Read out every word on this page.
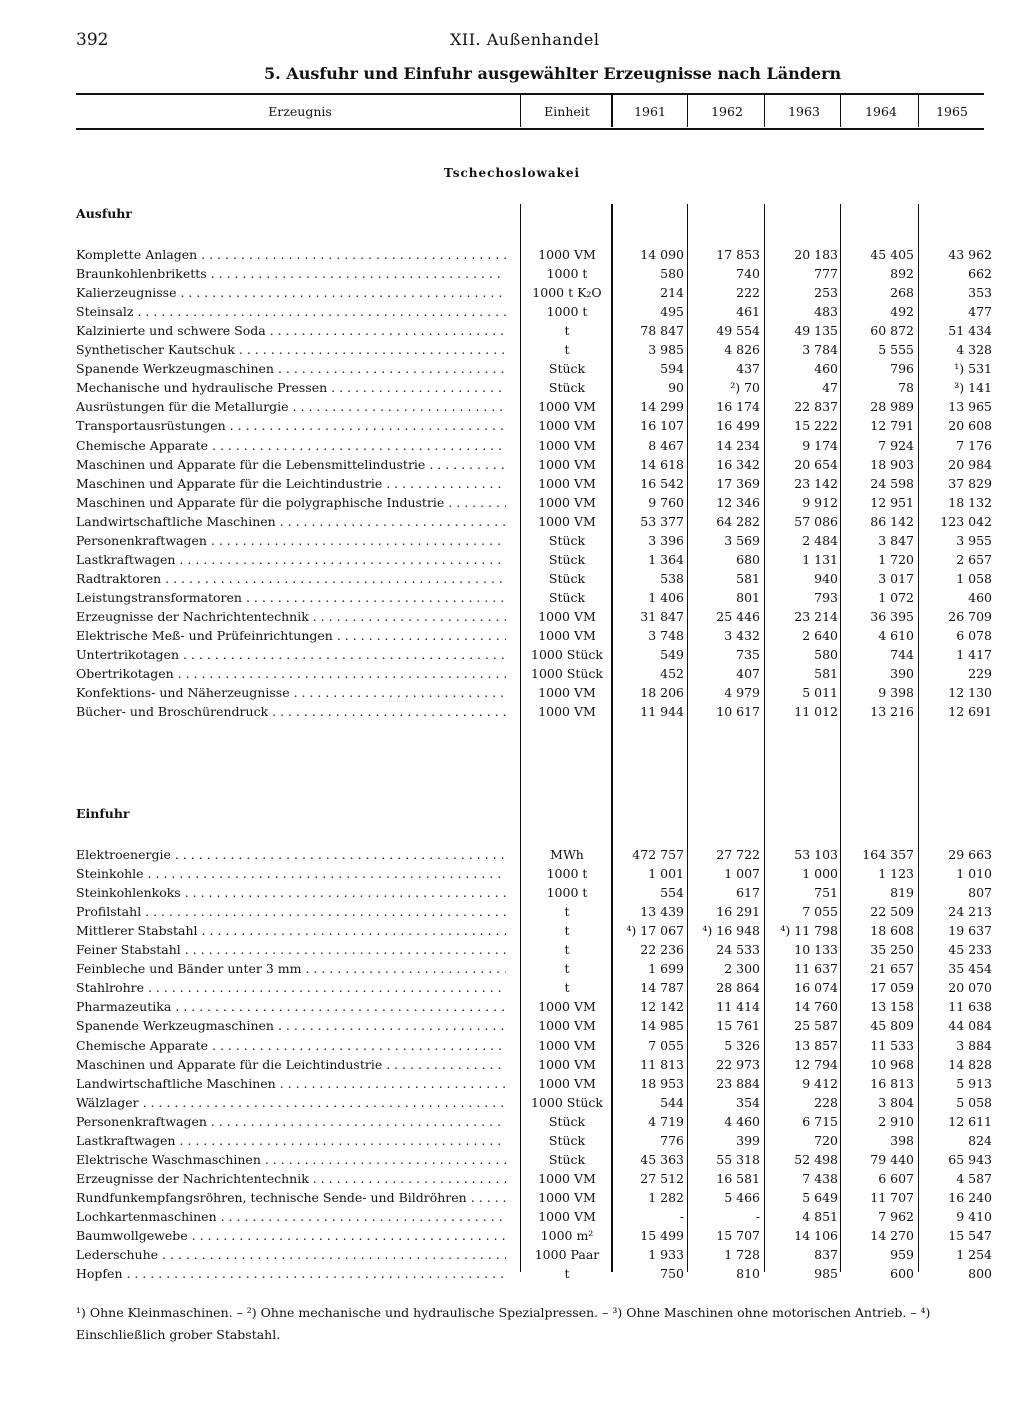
392	XII. Außenhandel
5. Ausfuhr und Einfuhr ausgewählter Erzeugnisse nach Ländern
Erzeugnis	Einheit	1961	1962	1963	1964	1965
Tschechoslowakei
Ausfuhr
Komplette Anlagen . . .	1000 VM	14 090	17 853	20 183	45 405	43 962
Braunkohlenbriketts . . .	1000 t	580	740	777	892	662
Kalierzeugnisse . . .	1000 t K₂O	214	222	253	268	353
Steinsalz . . .	1000 t	495	461	483	492	477
Kalzinierte und schwere Soda . . .	t	78 847	49 554	49 135	60 872	51 434
Synthetischer Kautschuk . . .	t	3 985	4 826	3 784	5 555	4 328
Spanende Werkzeugmaschinen . . .	Stück	594	437	460	796	¹) 531
Mechanische und hydraulische Pressen . . .	Stück	90	²) 70	47	78	³) 141
Ausrüstungen für die Metallurgie . . .	1000 VM	14 299	16 174	22 837	28 989	13 965
Transportausrüstungen . . .	1000 VM	16 107	16 499	15 222	12 791	20 608
Chemische Apparate . . .	1000 VM	8 467	14 234	9 174	7 924	7 176
Maschinen und Apparate für die Lebensmittelindustrie . . .	1000 VM	14 618	16 342	20 654	18 903	20 984
Maschinen und Apparate für die Leichtindustrie . . .	1000 VM	16 542	17 369	23 142	24 598	37 829
Maschinen und Apparate für die polygraphische Industrie . . .	1000 VM	9 760	12 346	9 912	12 951	18 132
Landwirtschaftliche Maschinen . . .	1000 VM	53 377	64 282	57 086	86 142	123 042
Personenkraftwagen . . .	Stück	3 396	3 569	2 484	3 847	3 955
Lastkraftwagen . . .	Stück	1 364	680	1 131	1 720	2 657
Radtraktoren . . .	Stück	538	581	940	3 017	1 058
Leistungstransformatoren . . .	Stück	1 406	801	793	1 072	460
Erzeugnisse der Nachrichtentechnik . . .	1000 VM	31 847	25 446	23 214	36 395	26 709
Elektrische Meß- und Prüfeinrichtungen . . .	1000 VM	3 748	3 432	2 640	4 610	6 078
Untertrikotagen . . .	1000 Stück	549	735	580	744	1 417
Obertrikotagen . . .	1000 Stück	452	407	581	390	229
Konfektions- und Näherzeugnisse . . .	1000 VM	18 206	4 979	5 011	9 398	12 130
Bücher- und Broschürendruck . . .	1000 VM	11 944	10 617	11 012	13 216	12 691
Einfuhr
Elektroenergie . . .	MWh	472 757	27 722	53 103	164 357	29 663
Steinkohle . . .	1000 t	1 001	1 007	1 000	1 123	1 010
Steinkohlenkoks . . .	1000 t	554	617	751	819	807
Profilstahl . . .	t	13 439	16 291	7 055	22 509	24 213
Mittlerer Stabstahl . . .	t	⁴) 17 067	⁴) 16 948	⁴) 11 798	18 608	19 637
Feiner Stabstahl . . .	t	22 236	24 533	10 133	35 250	45 233
Feinbleche und Bänder unter 3 mm . . .	t	1 699	2 300	11 637	21 657	35 454
Stahlrohre . . .	t	14 787	28 864	16 074	17 059	20 070
Pharmazeutika . . .	1000 VM	12 142	11 414	14 760	13 158	11 638
Spanende Werkzeugmaschinen . . .	1000 VM	14 985	15 761	25 587	45 809	44 084
Chemische Apparate . . .	1000 VM	7 055	5 326	13 857	11 533	3 884
Maschinen und Apparate für die Leichtindustrie . . .	1000 VM	11 813	22 973	12 794	10 968	14 828
Landwirtschaftliche Maschinen . . .	1000 VM	18 953	23 884	9 412	16 813	5 913
Wälzlager . . .	1000 Stück	544	354	228	3 804	5 058
Personenkraftwagen . . .	Stück	4 719	4 460	6 715	2 910	12 611
Lastkraftwagen . . .	Stück	776	399	720	398	824
Elektrische Waschmaschinen . . .	Stück	45 363	55 318	52 498	79 440	65 943
Erzeugnisse der Nachrichtentechnik . . .	1000 VM	27 512	16 581	7 438	6 607	4 587
Rundfunkempfangsröhren, technische Sende- und Bildröhren . . .	1000 VM	1 282	5 466	5 649	11 707	16 240
Lochkartenmaschinen . . .	1000 VM	-	-	4 851	7 962	9 410
Baumwollgewebe . . .	1000 m²	15 499	15 707	14 106	14 270	15 547
Lederschuhe . . .	1000 Paar	1 933	1 728	837	959	1 254
Hopfen . . .	t	750	810	985	600	800
¹) Ohne Kleinmaschinen. – ²) Ohne mechanische und hydraulische Spezialpressen. – ³) Ohne Maschinen ohne motorischen Antrieb. – ⁴) Einschließlich grober Stabstahl.
